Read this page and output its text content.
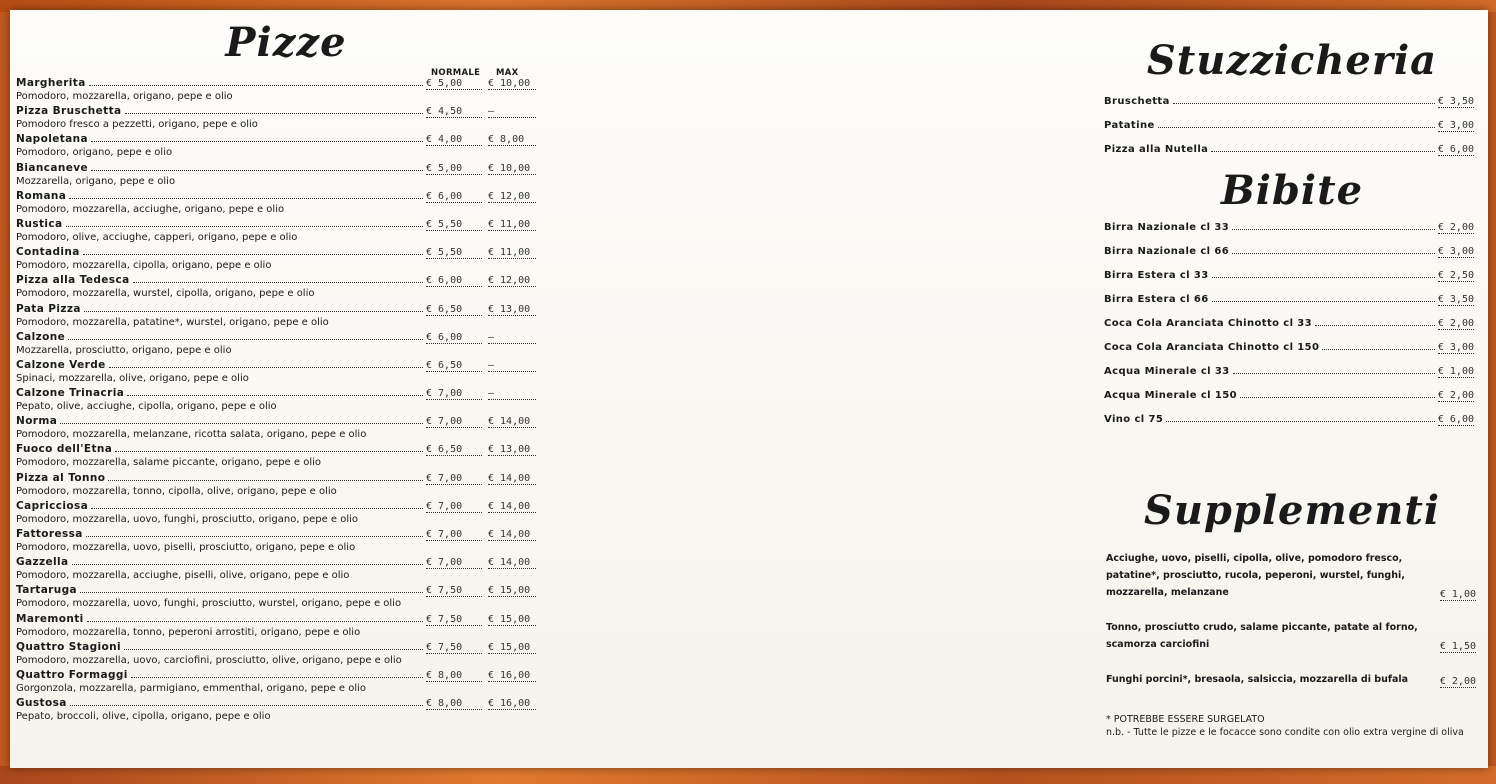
Pizze
NORMALE MAX
Margherita	€ 5,00	€ 10,00
Pomodoro, mozzarella, origano, pepe e olio
Pizza Bruschetta	€ 4,50	—
Pomodoro fresco a pezzetti, origano, pepe e olio
Napoletana	€ 4,00	€ 8,00
Pomodoro, origano, pepe e olio
Biancaneve	€ 5,00	€ 10,00
Mozzarella, origano, pepe e olio
Romana	€ 6,00	€ 12,00
Pomodoro, mozzarella, acciughe, origano, pepe e olio
Rustica	€ 5,50	€ 11,00
Pomodoro, olive, acciughe, capperi, origano, pepe e olio
Contadina	€ 5,50	€ 11,00
Pomodoro, mozzarella, cipolla, origano, pepe e olio
Pizza alla Tedesca	€ 6,00	€ 12,00
Pomodoro, mozzarella, wurstel, cipolla, origano, pepe e olio
Pata Pizza	€ 6,50	€ 13,00
Pomodoro, mozzarella, patatine*, wurstel, origano, pepe e olio
Calzone	€ 6,00	—
Mozzarella, prosciutto, origano, pepe e olio
Calzone Verde	€ 6,50	—
Spinaci, mozzarella, olive, origano, pepe e olio
Calzone Trinacria	€ 7,00	—
Pepato, olive, acciughe, cipolla, origano, pepe e olio
Norma	€ 7,00	€ 14,00
Pomodoro, mozzarella, melanzane, ricotta salata, origano, pepe e olio
Fuoco dell'Etna	€ 6,50	€ 13,00
Pomodoro, mozzarella, salame piccante, origano, pepe e olio
Pizza al Tonno	€ 7,00	€ 14,00
Pomodoro, mozzarella, tonno, cipolla, olive, origano, pepe e olio
Capricciosa	€ 7,00	€ 14,00
Pomodoro, mozzarella, uovo, funghi, prosciutto, origano, pepe e olio
Fattoressa	€ 7,00	€ 14,00
Pomodoro, mozzarella, uovo, piselli, prosciutto, origano, pepe e olio
Gazzella	€ 7,00	€ 14,00
Pomodoro, mozzarella, acciughe, piselli, olive, origano, pepe e olio
Tartaruga	€ 7,50	€ 15,00
Pomodoro, mozzarella, uovo, funghi, prosciutto, wurstel, origano, pepe e olio
Maremonti	€ 7,50	€ 15,00
Pomodoro, mozzarella, tonno, peperoni arrostiti, origano, pepe e olio
Quattro Stagioni	€ 7,50	€ 15,00
Pomodoro, mozzarella, uovo, carciofini, prosciutto, olive, origano, pepe e olio
Quattro Formaggi	€ 8,00	€ 16,00
Gorgonzola, mozzarella, parmigiano, emmenthal, origano, pepe e olio
Gustosa	€ 8,00	€ 16,00
Pepato, broccoli, olive, cipolla, origano, pepe e olio
Stuzzicheria
Bruschetta	€ 3,50
Patatine	€ 3,00
Pizza alla Nutella	€ 6,00
Bibite
Birra Nazionale cl 33	€ 2,00
Birra Nazionale cl 66	€ 3,00
Birra Estera cl 33	€ 2,50
Birra Estera cl 66	€ 3,50
Coca Cola Aranciata Chinotto cl 33	€ 2,00
Coca Cola Aranciata Chinotto cl 150	€ 3,00
Acqua Minerale cl 33	€ 1,00
Acqua Minerale cl 150	€ 2,00
Vino cl 75	€ 6,00
Supplementi
Acciughe, uovo, piselli, cipolla, olive, pomodoro fresco, patatine*, prosciutto, rucola, peperoni, wurstel, funghi, mozzarella, melanzane	€ 1,00
Tonno, prosciutto crudo, salame piccante, patate al forno, scamorza carciofini	€ 1,50
Funghi porcini*, bresaola, salsiccia, mozzarella di bufala	€ 2,00
* POTREBBE ESSERE SURGELATO
n.b. - Tutte le pizze e le focacce sono condite con olio extra vergine di oliva
